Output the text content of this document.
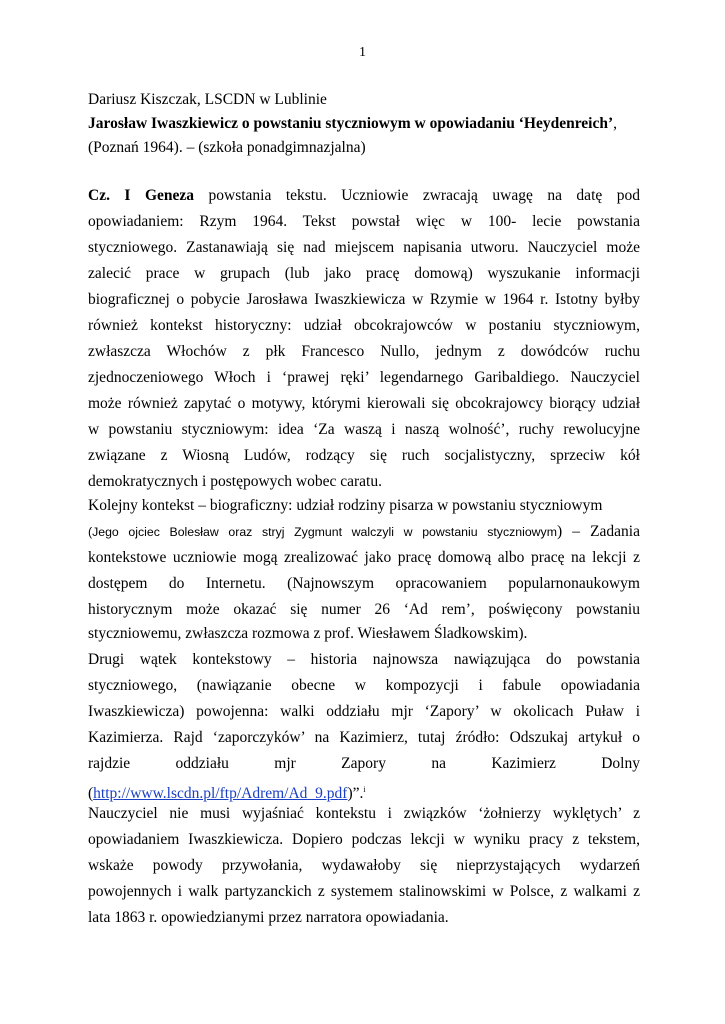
1
Dariusz Kiszczak, LSCDN w Lublinie
Jarosław Iwaszkiewicz o powstaniu styczniowym w opowiadaniu ‘Heydenreich’,
(Poznań 1964). – (szkoła ponadgimnazjalna)
Cz. I Geneza powstania tekstu. Uczniowie zwracają uwagę na datę pod
opowiadaniem: Rzym 1964. Tekst powstał więc w 100- lecie powstania
styczniowego. Zastanawiają się nad miejscem napisania utworu. Nauczyciel może
zalecić prace w grupach (lub jako pracę domową) wyszukanie informacji
biograficznej o pobycie Jarosława Iwaszkiewicza w Rzymie w 1964 r. Istotny byłby
również kontekst historyczny: udział obcokrajowców w postaniu styczniowym,
zwłaszcza Włochów z płk Francesco Nullo, jednym z dowódców ruchu
zjednoczeniowego Włoch i ‘prawej ręki’ legendarnego Garibaldiego. Nauczyciel
może również zapytać o motywy, którymi kierowali się obcokrajowcy biorący udział
w powstaniu styczniowym: idea ‘Za waszą i naszą wolność’, ruchy rewolucyjne
związane z Wiosną Ludów, rodzący się ruch socjalistyczny, sprzeciw kół
demokratycznych i postępowych wobec caratu.
Kolejny kontekst – biograficzny: udział rodziny pisarza w powstaniu styczniowym
(Jego ojciec Bolesław oraz stryj Zygmunt walczyli w powstaniu styczniowym) – Zadania
kontekstowe uczniowie mogą zrealizować jako pracę domową albo pracę na lekcji z
dostępem do Internetu. (Najnowszym opracowaniem popularnonaukowym
historycznym może okazać się numer 26 ‘Ad rem’, poświęcony powstaniu
styczniowemu, zwłaszcza rozmowa z prof. Wiesławem Śladkowskim).
Drugi wątek kontekstowy – historia najnowsza nawiązująca do powstania
styczniowego, (nawiązanie obecne w kompozycji i fabule opowiadania
Iwaszkiewicza) powojenna: walki oddziału mjr ‘Zapory’ w okolicach Puław i
Kazimierza. Rajd ‘zaporczyków’ na Kazimierz, tutaj źródło: Odszukaj artykuł o
rajdzie oddziału mjr Zapory na Kazimierz Dolny
(http://www.lscdn.pl/ftp/Adrem/Ad_9.pdf)”.$^i$
Nauczyciel nie musi wyjaśniać kontekstu i związków ‘żołnierzy wyklętych’ z
opowiadaniem Iwaszkiewicza. Dopiero podczas lekcji w wyniku pracy z tekstem,
wskaże powody przywołania, wydawałoby się nieprzystających wydarzeń
powojennych i walk partyzanckich z systemem stalinowskimi w Polsce, z walkami z
lata 1863 r. opowiedzianymi przez narratora opowiadania.
